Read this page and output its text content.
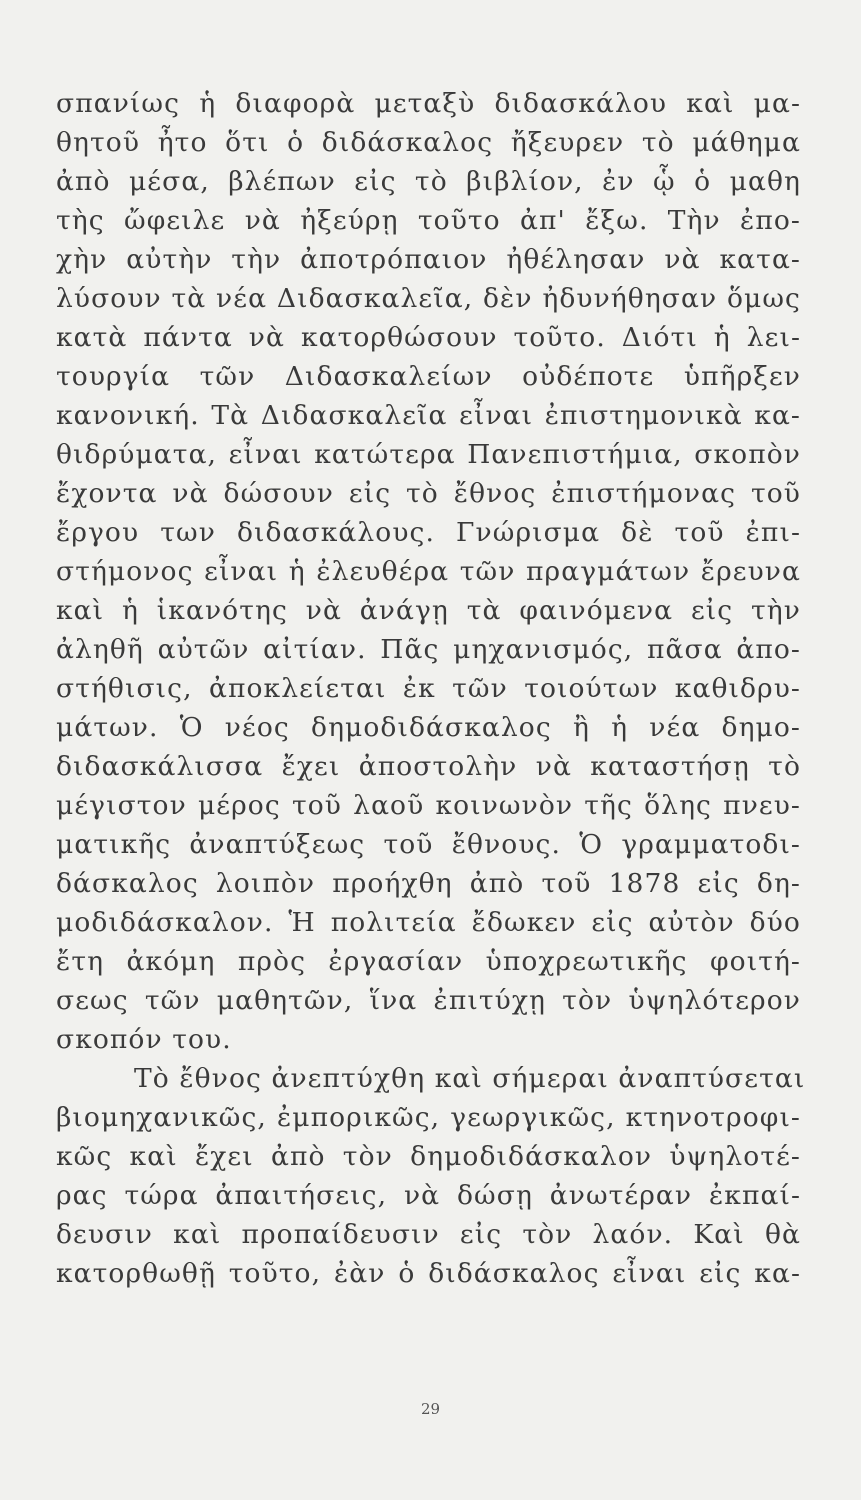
σπανίως ἡ διαφορὰ μεταξὺ διδασκάλου καὶ μα-
θητοῦ ἦτο ὅτι ὁ διδάσκαλος ἤξευρεν τὸ μάθημα
ἀπὸ μέσα, βλέπων εἰς τὸ βιβλίον, ἐν ᾧ ὁ μαθη
τὴς ὤφειλε νὰ ἠξεύρῃ τοῦτο ἀπ' ἔξω. Τὴν ἐπο-
χὴν αὐτὴν τὴν ἀποτρόπαιον ἠθέλησαν νὰ κατα-
λύσουν τὰ νέα Διδασκαλεῖα, δὲν ἠδυνήθησαν ὅμως
κατὰ πάντα νὰ κατορθώσουν τοῦτο. Διότι ἡ λει-
τουργία τῶν Διδασκαλείων οὐδέποτε ὑπῆρξεν
κανονική. Τὰ Διδασκαλεῖα εἶναι ἐπιστημονικὰ κα-
θιδρύματα, εἶναι κατώτερα Πανεπιστήμια, σκοπὸν
ἔχοντα νὰ δώσουν εἰς τὸ ἔθνος ἐπιστήμονας τοῦ
ἔργου των διδασκάλους. Γνώρισμα δὲ τοῦ ἐπι-
στήμονος εἶναι ἡ ἐλευθέρα τῶν πραγμάτων ἔρευνα
καὶ ἡ ἱκανότης νὰ ἀνάγῃ τὰ φαινόμενα εἰς τὴν
ἀληθῆ αὐτῶν αἰτίαν. Πᾶς μηχανισμός, πᾶσα ἀπο-
στήθισις, ἀποκλείεται ἐκ τῶν τοιούτων καθιδρυ-
μάτων. Ὁ νέος δημοδιδάσκαλος ἢ ἡ νέα δημο-
διδασκάλισσα ἔχει ἀποστολὴν νὰ καταστήσῃ τὸ
μέγιστον μέρος τοῦ λαοῦ κοινωνὸν τῆς ὅλης πνευ-
ματικῆς ἀναπτύξεως τοῦ ἔθνους. Ὁ γραμματοδι-
δάσκαλος λοιπὸν προήχθη ἀπὸ τοῦ 1878 εἰς δη-
μοδιδάσκαλον. Ἡ πολιτεία ἔδωκεν εἰς αὐτὸν δύο
ἔτη ἀκόμη πρὸς ἐργασίαν ὑποχρεωτικῆς φοιτή-
σεως τῶν μαθητῶν, ἵνα ἐπιτύχῃ τὸν ὑψηλότερον
σκοπόν του.
Τὸ ἔθνος ἀνεπτύχθη καὶ σήμεραι ἀναπτύσεται
βιομηχανικῶς, ἐμπορικῶς, γεωργικῶς, κτηνοτροφι-
κῶς καὶ ἔχει ἀπὸ τὸν δημοδιδάσκαλον ὑψηλοτέ-
ρας τώρα ἀπαιτήσεις, νὰ δώσῃ ἀνωτέραν ἐκπαί-
δευσιν καὶ προπαίδευσιν εἰς τὸν λαόν. Καὶ θὰ
κατορθωθῇ τοῦτο, ἐὰν ὁ διδάσκαλος εἶναι εἰς κα-
29
